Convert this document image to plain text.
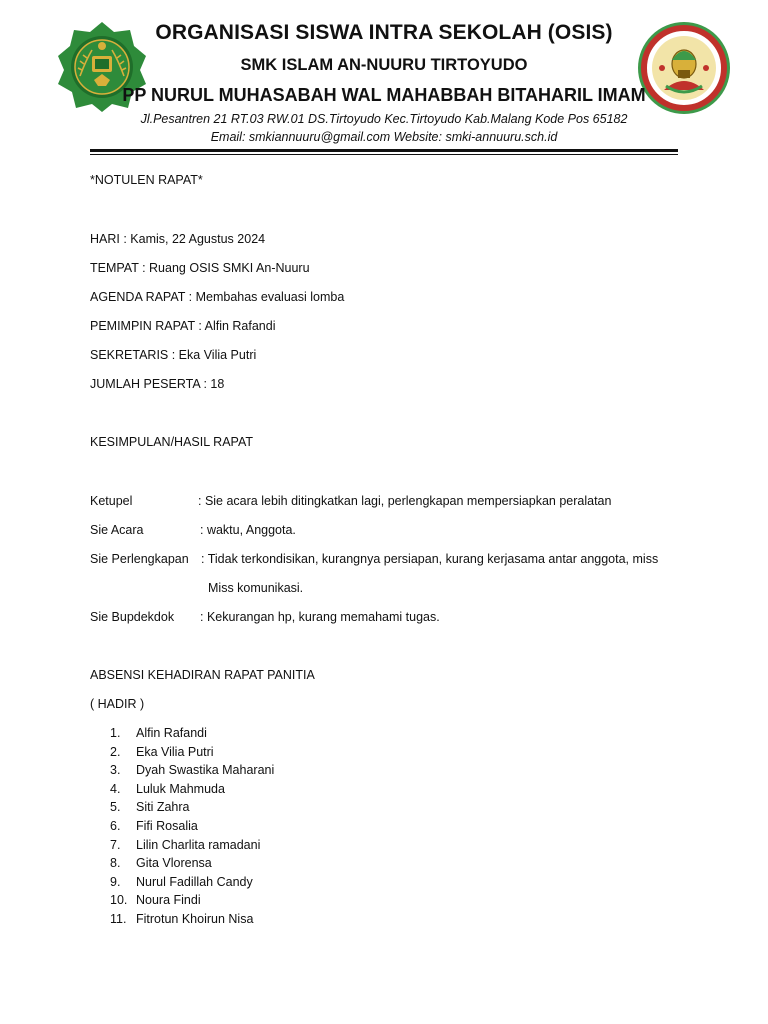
ORGANISASI SISWA INTRA SEKOLAH (OSIS)
SMK ISLAM AN-NUURU TIRTOYUDO
PP NURUL MUHASABAH WAL MAHABBAH BITAHARIL IMAM

Jl.Pesantren 21 RT.03 RW.01 DS.Tirtoyudo Kec.Tirtoyudo Kab.Malang Kode Pos 65182

Email: smkiannuuru@gmail.com Website: smki-annuuru.sch.id

*NOTULEN RAPAT*
HARI : Kamis, 22 Agustus 2024
TEMPAT : Ruang OSIS SMKI An-Nuuru
AGENDA RAPAT : Membahas evaluasi lomba
PEMIMPIN RAPAT : Alfin Rafandi
SEKRETARIS : Eka Vilia Putri
JUMLAH PESERTA : 18
KESIMPULAN/HASIL RAPAT
Ketupel	: Sie acara lebih ditingkatkan lagi, perlengkapan mempersiapkan peralatan
Sie Acara	: waktu, Anggota.
Sie Perlengkapan : Tidak terkondisikan, kurangnya persiapan, kurang kerjasama antar anggota, miss
Miss komunikasi.
Sie Bupdekdok : Kekurangan hp, kurang memahami tugas.
ABSENSI KEHADIRAN RAPAT PANITIA
( HADIR )
1. Alfin Rafandi
2. Eka Vilia Putri
3. Dyah Swastika Maharani
4. Luluk Mahmuda
5. Siti Zahra
6. Fifi Rosalia
7. Lilin Charlita ramadani
8. Gita Vlorensa
9. Nurul Fadillah Candy
10. Noura Findi
11. Fitrotun Khoirun Nisa
